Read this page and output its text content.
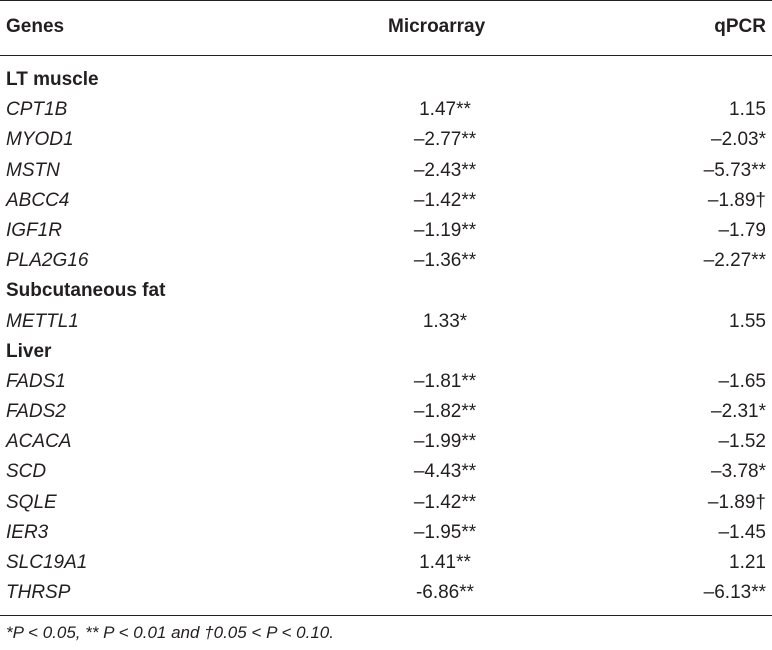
Genes	Microarray	qPCR
LT muscle
CPT1B	1.47**	1.15
MYOD1	–2.77**	–2.03*
MSTN	–2.43**	–5.73**
ABCC4	–1.42**	–1.89†
IGF1R	–1.19**	–1.79
PLA2G16	–1.36**	–2.27**
Subcutaneous fat
METTL1	1.33*	1.55
Liver
FADS1	–1.81**	–1.65
FADS2	–1.82**	–2.31*
ACACA	–1.99**	–1.52
SCD	–4.43**	–3.78*
SQLE	–1.42**	–1.89†
IER3	–1.95**	–1.45
SLC19A1	1.41**	1.21
THRSP	-6.86**	–6.13**
*P < 0.05, ** P < 0.01 and †0.05 < P < 0.10.
